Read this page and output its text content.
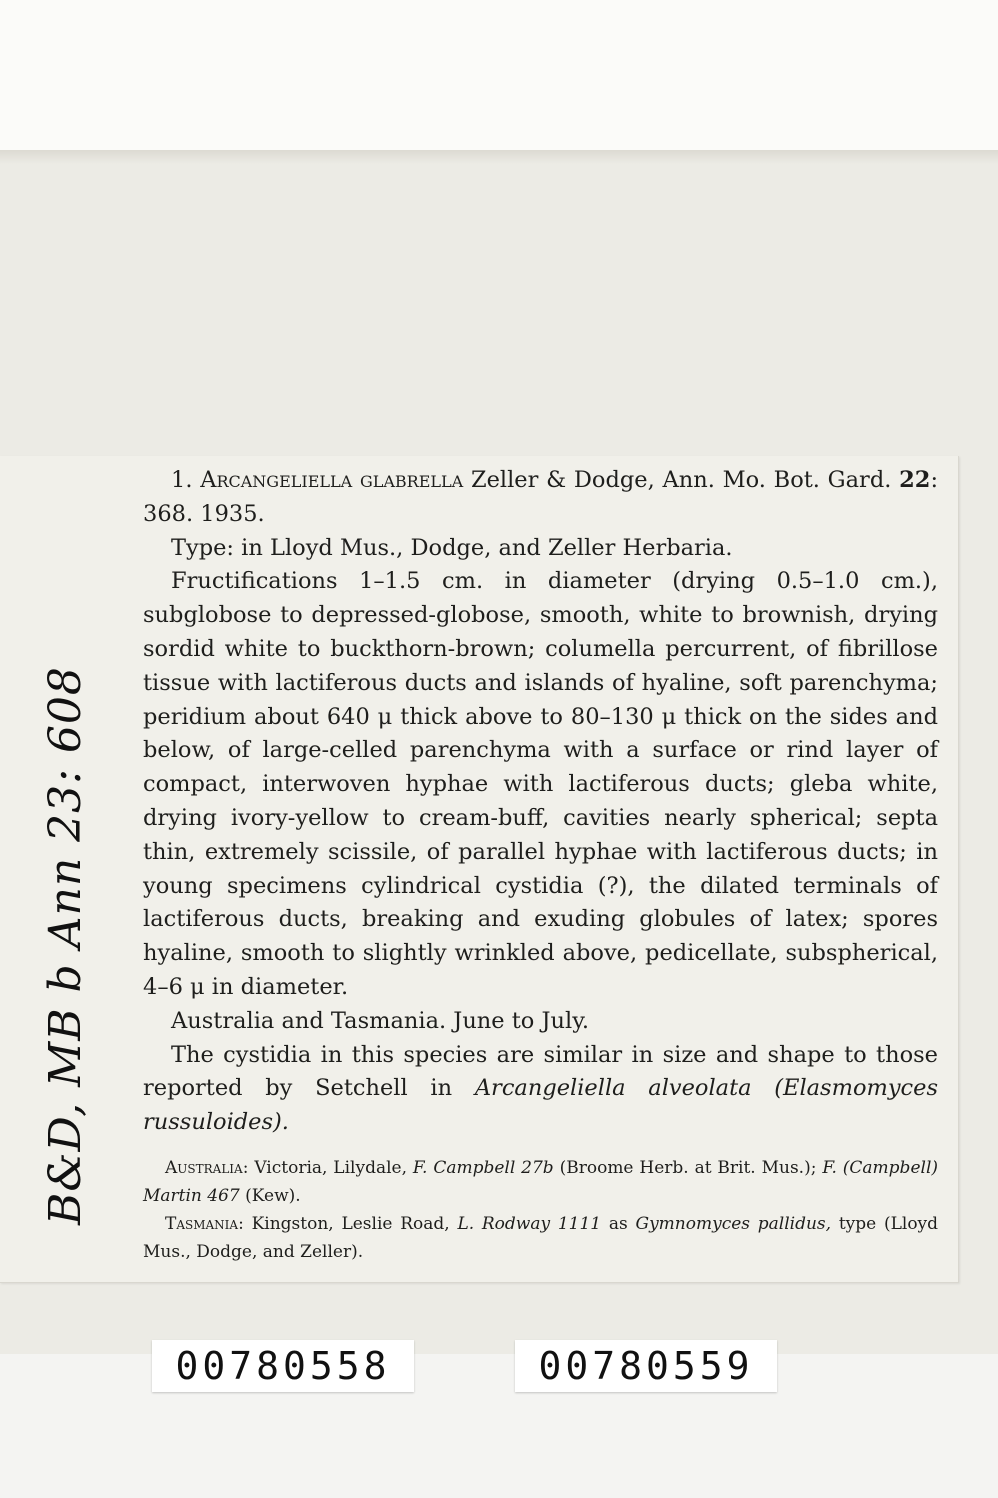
1. Arcangeliella glabrella Zeller & Dodge, Ann. Mo. Bot. Gard. 22: 368. 1935.

Type: in Lloyd Mus., Dodge, and Zeller Herbaria.

Fructifications 1–1.5 cm. in diameter (drying 0.5–1.0 cm.), subglobose to depressed-globose, smooth, white to brownish, drying sordid white to buckthorn-brown; columella percurrent, of fibrillose tissue with lactiferous ducts and islands of hyaline, soft parenchyma; peridium about 640 μ thick above to 80–130 μ thick on the sides and below, of large-celled parenchyma with a surface or rind layer of compact, interwoven hyphae with lactiferous ducts; gleba white, drying ivory-yellow to cream-buff, cavities nearly spherical; septa thin, extremely scissile, of parallel hyphae with lactiferous ducts; in young specimens cylindrical cystidia (?), the dilated terminals of lactiferous ducts, breaking and exuding globules of latex; spores hyaline, smooth to slightly wrinkled above, pedicellate, subspherical, 4–6 μ in diameter.

Australia and Tasmania. June to July.

The cystidia in this species are similar in size and shape to those reported by Setchell in Arcangeliella alveolata (Elasmomyces russuloides).

Australia: Victoria, Lilydale, F. Campbell 27b (Broome Herb. at Brit. Mus.); F. (Campbell) Martin 467 (Kew).

Tasmania: Kingston, Leslie Road, L. Rodway 1111 as Gymnomyces pallidus, type (Lloyd Mus., Dodge, and Zeller).

B&D, MB b Ann 23: 608
00780558	00780559
